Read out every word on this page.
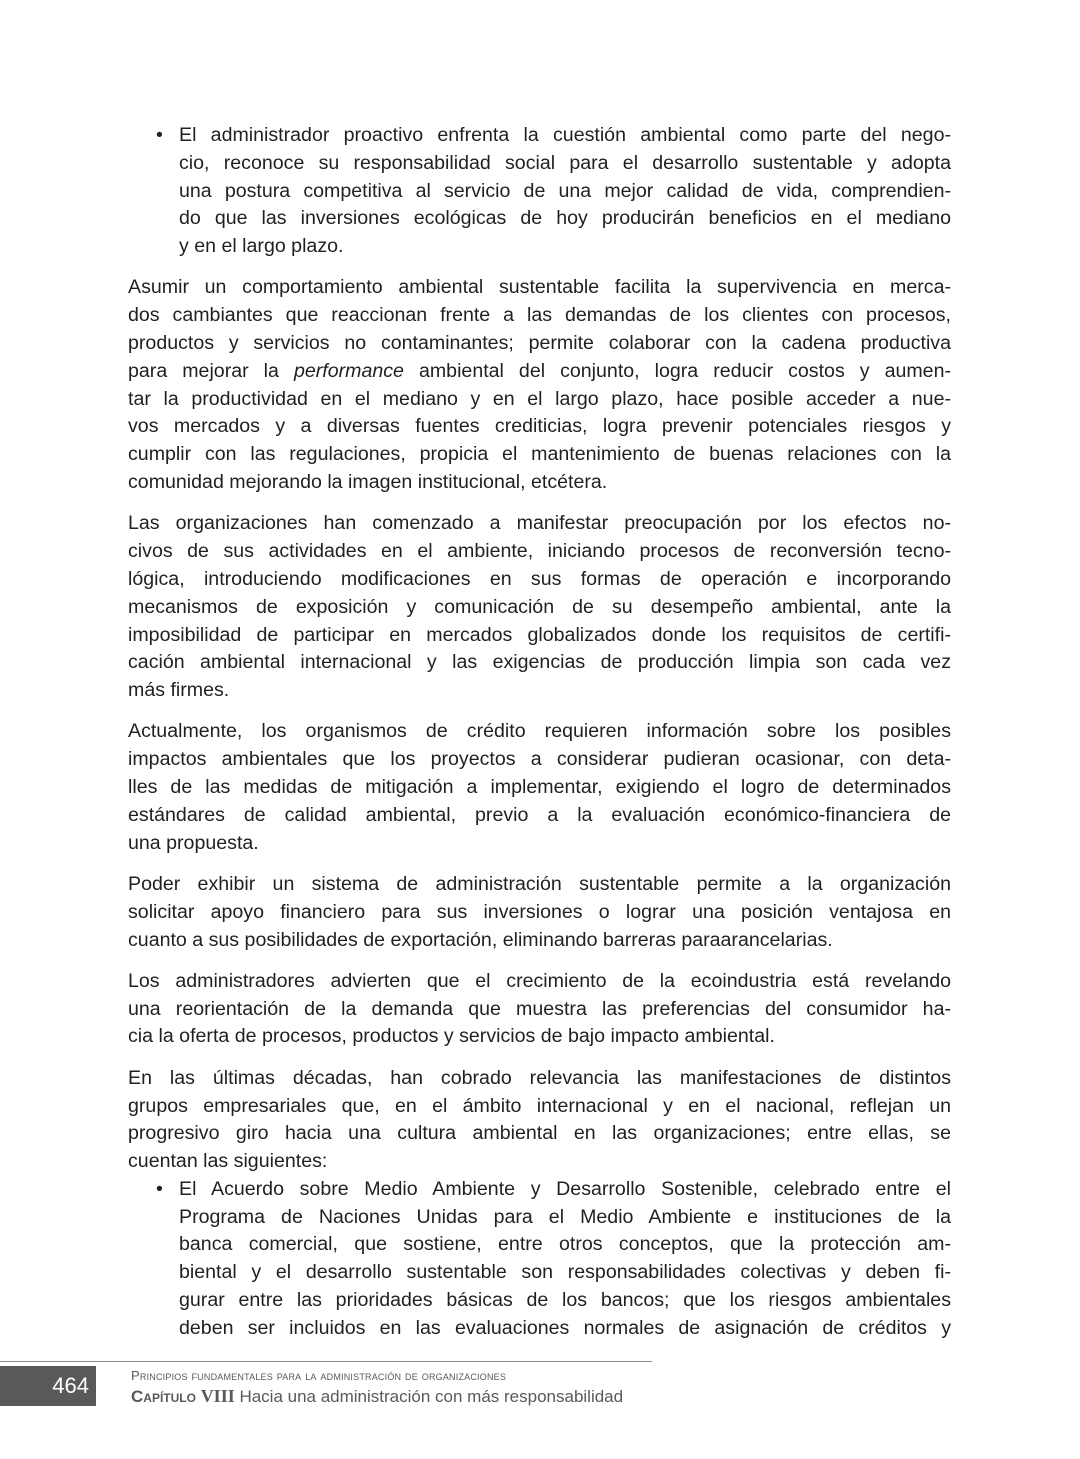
• El administrador proactivo enfrenta la cuestión ambiental como parte del nego-
cio, reconoce su responsabilidad social para el desarrollo sustentable y adopta
una postura competitiva al servicio de una mejor calidad de vida, comprendien-
do que las inversiones ecológicas de hoy producirán beneficios en el mediano
y en el largo plazo.
Asumir un comportamiento ambiental sustentable facilita la supervivencia en merca-
dos cambiantes que reaccionan frente a las demandas de los clientes con procesos,
productos y servicios no contaminantes; permite colaborar con la cadena productiva
para mejorar la performance ambiental del conjunto, logra reducir costos y aumen-
tar la productividad en el mediano y en el largo plazo, hace posible acceder a nue-
vos mercados y a diversas fuentes crediticias, logra prevenir potenciales riesgos y
cumplir con las regulaciones, propicia el mantenimiento de buenas relaciones con la
comunidad mejorando la imagen institucional, etcétera.
Las organizaciones han comenzado a manifestar preocupación por los efectos no-
civos de sus actividades en el ambiente, iniciando procesos de reconversión tecno-
lógica, introduciendo modificaciones en sus formas de operación e incorporando
mecanismos de exposición y comunicación de su desempeño ambiental, ante la
imposibilidad de participar en mercados globalizados donde los requisitos de certifi-
cación ambiental internacional y las exigencias de producción limpia son cada vez
más firmes.
Actualmente, los organismos de crédito requieren información sobre los posibles
impactos ambientales que los proyectos a considerar pudieran ocasionar, con deta-
lles de las medidas de mitigación a implementar, exigiendo el logro de determinados
estándares de calidad ambiental, previo a la evaluación económico-financiera de
una propuesta.
Poder exhibir un sistema de administración sustentable permite a la organización
solicitar apoyo financiero para sus inversiones o lograr una posición ventajosa en
cuanto a sus posibilidades de exportación, eliminando barreras paraarancelarias.
Los administradores advierten que el crecimiento de la ecoindustria está revelando
una reorientación de la demanda que muestra las preferencias del consumidor ha-
cia la oferta de procesos, productos y servicios de bajo impacto ambiental.
En las últimas décadas, han cobrado relevancia las manifestaciones de distintos
grupos empresariales que, en el ámbito internacional y en el nacional, reflejan un
progresivo giro hacia una cultura ambiental en las organizaciones; entre ellas, se
cuentan las siguientes:
• El Acuerdo sobre Medio Ambiente y Desarrollo Sostenible, celebrado entre el
Programa de Naciones Unidas para el Medio Ambiente e instituciones de la
banca comercial, que sostiene, entre otros conceptos, que la protección am-
biental y el desarrollo sustentable son responsabilidades colectivas y deben fi-
gurar entre las prioridades básicas de los bancos; que los riesgos ambientales
deben ser incluidos en las evaluaciones normales de asignación de créditos y
464	Principios fundamentales para la administración de organizaciones
Capítulo VIII Hacia una administración con más responsabilidad
